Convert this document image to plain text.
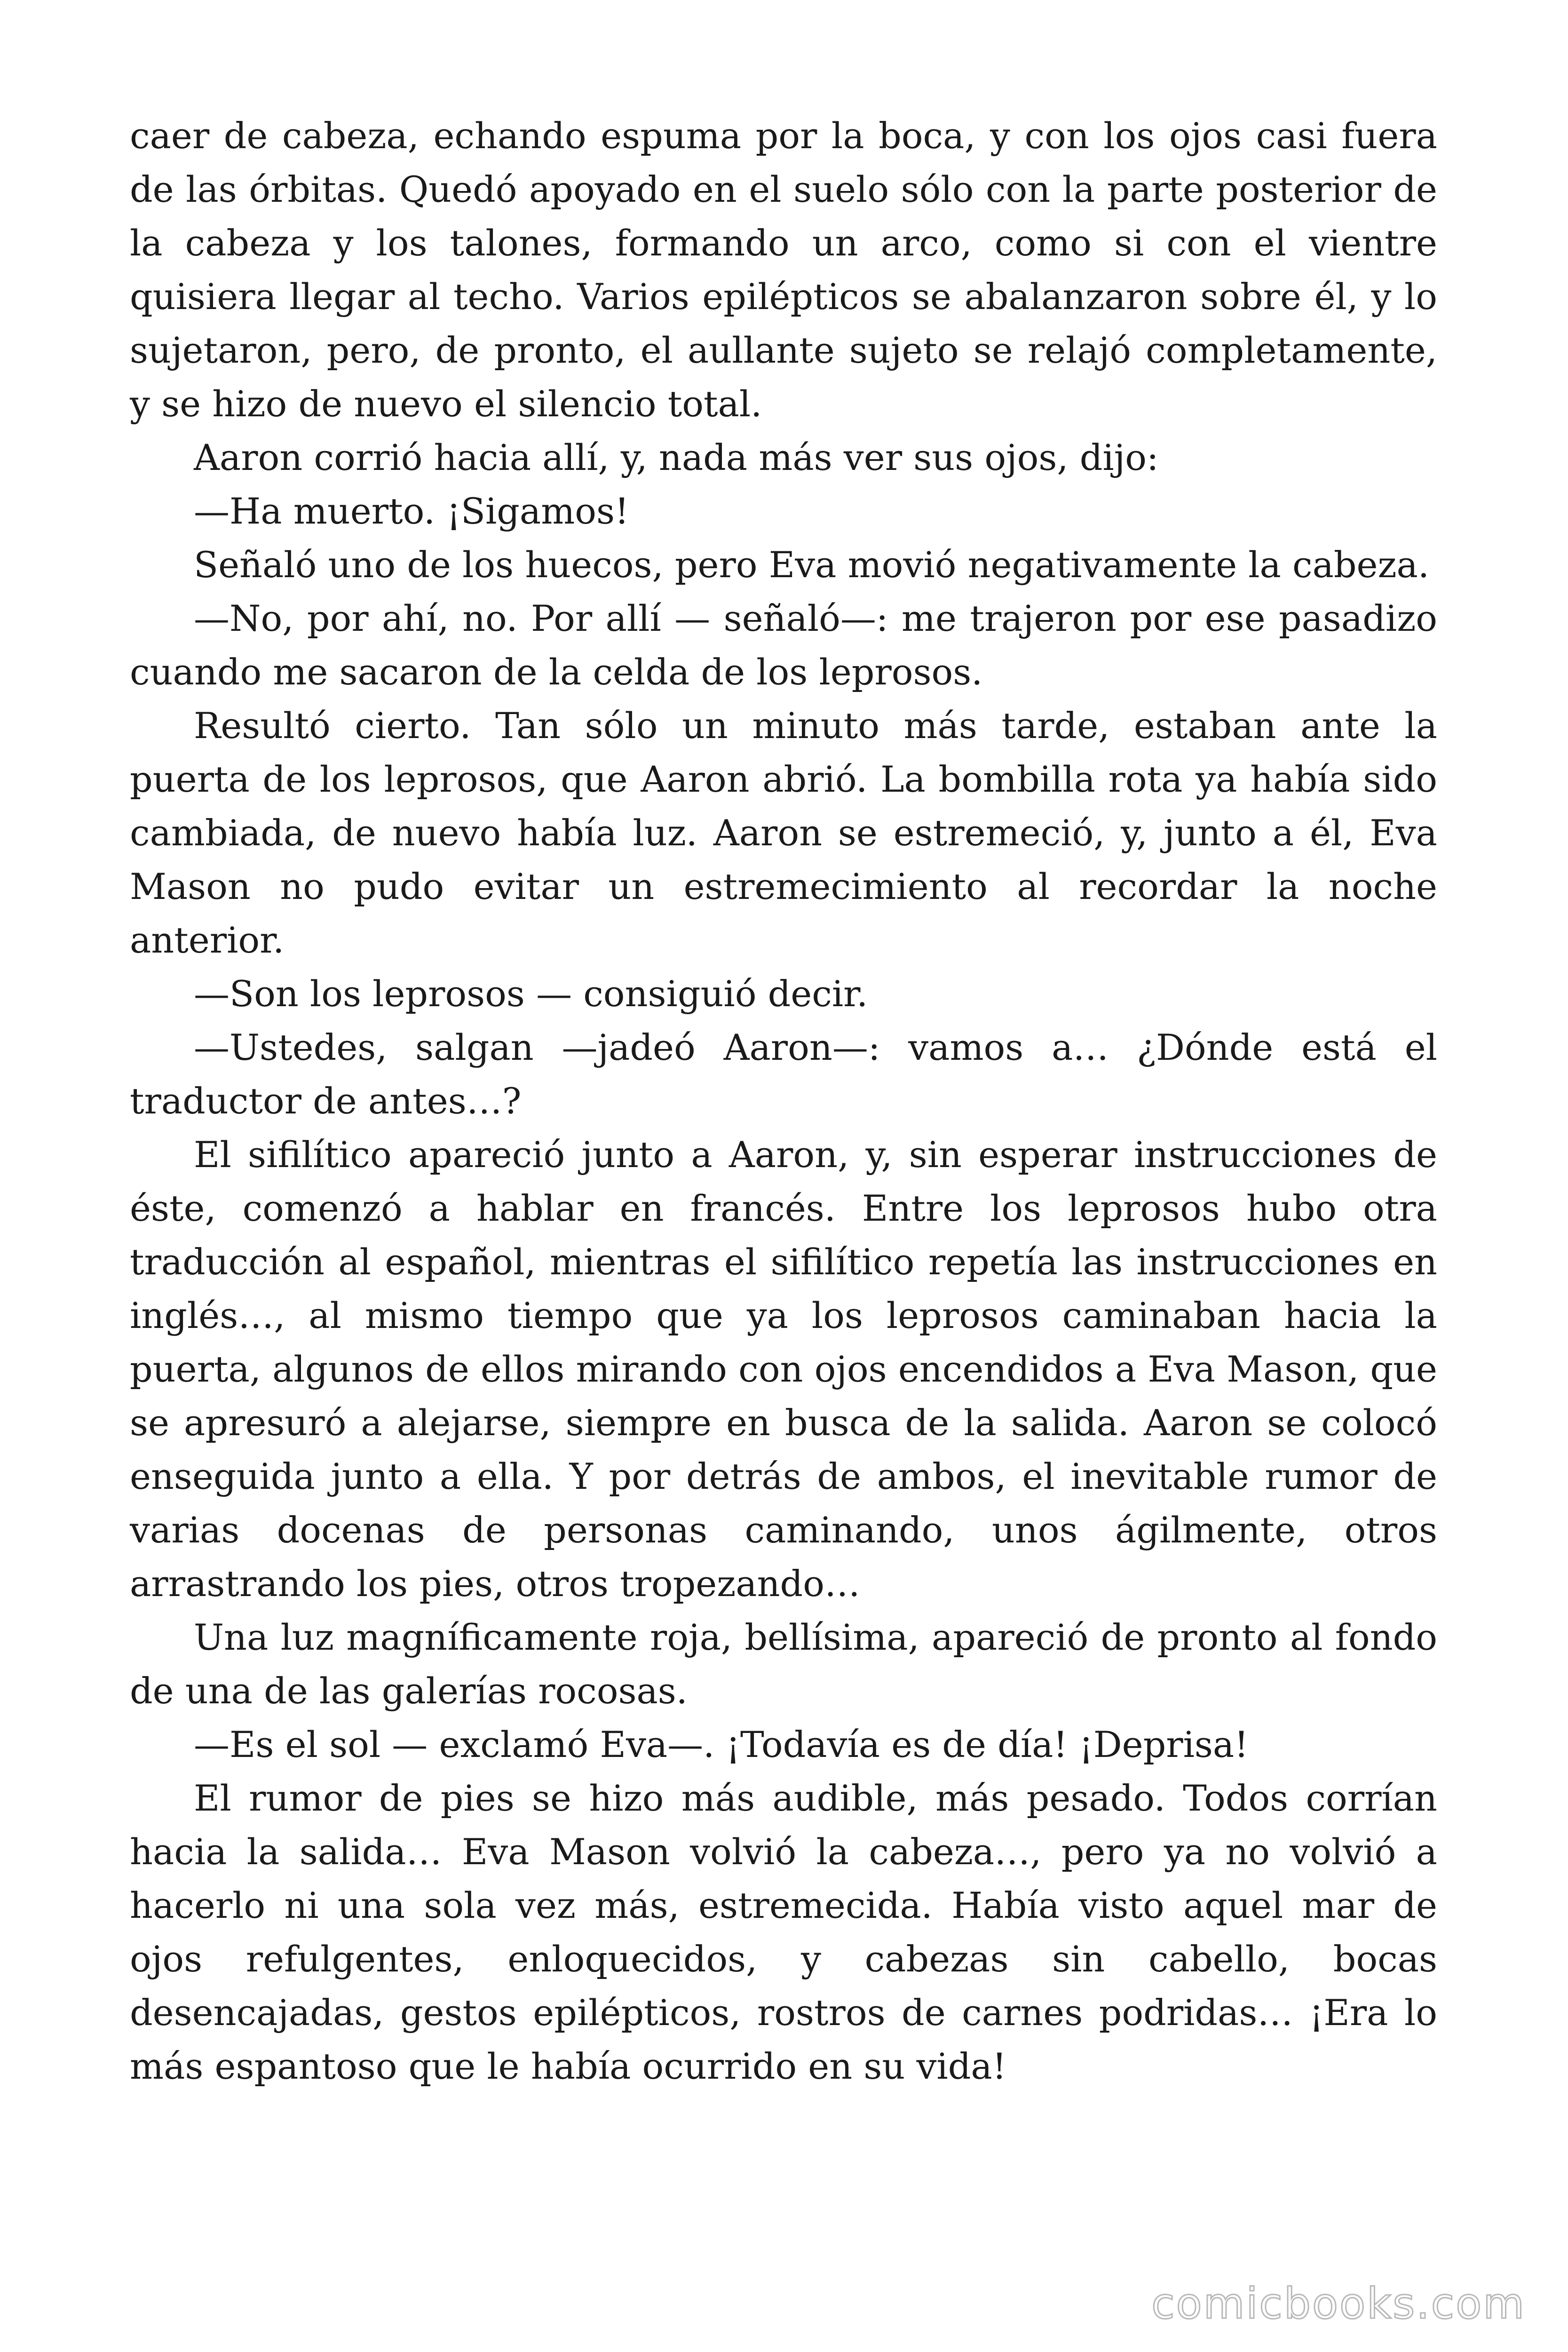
caer de cabeza, echando espuma por la boca, y con los ojos casi fuera de las órbitas. Quedó apoyado en el suelo sólo con la parte posterior de la cabeza y los talones, formando un arco, como si con el vientre quisiera llegar al techo. Varios epilépticos se abalanzaron sobre él, y lo sujetaron, pero, de pronto, el aullante sujeto se relajó completamente, y se hizo de nuevo el silencio total.

Aaron corrió hacia allí, y, nada más ver sus ojos, dijo:

—Ha muerto. ¡Sigamos!

Señaló uno de los huecos, pero Eva movió negativamente la cabeza.

—No, por ahí, no. Por allí — señaló—: me trajeron por ese pasadizo cuando me sacaron de la celda de los leprosos.

Resultó cierto. Tan sólo un minuto más tarde, estaban ante la puerta de los leprosos, que Aaron abrió. La bombilla rota ya había sido cambiada, de nuevo había luz. Aaron se estremeció, y, junto a él, Eva Mason no pudo evitar un estremecimiento al recordar la noche anterior.

—Son los leprosos — consiguió decir.

—Ustedes, salgan —jadeó Aaron—: vamos a… ¿Dónde está el traductor de antes…?

El sifilítico apareció junto a Aaron, y, sin esperar instrucciones de éste, comenzó a hablar en francés. Entre los leprosos hubo otra traducción al español, mientras el sifilítico repetía las instrucciones en inglés…, al mismo tiempo que ya los leprosos caminaban hacia la puerta, algunos de ellos mirando con ojos encendidos a Eva Mason, que se apresuró a alejarse, siempre en busca de la salida. Aaron se colocó enseguida junto a ella. Y por detrás de ambos, el inevitable rumor de varias docenas de personas caminando, unos ágilmente, otros arrastrando los pies, otros tropezando…

Una luz magníficamente roja, bellísima, apareció de pronto al fondo de una de las galerías rocosas.

—Es el sol — exclamó Eva—. ¡Todavía es de día! ¡Deprisa!

El rumor de pies se hizo más audible, más pesado. Todos corrían hacia la salida… Eva Mason volvió la cabeza…, pero ya no volvió a hacerlo ni una sola vez más, estremecida. Había visto aquel mar de ojos refulgentes, enloquecidos, y cabezas sin cabello, bocas desencajadas, gestos epilépticos, rostros de carnes podridas… ¡Era lo más espantoso que le había ocurrido en su vida!

comicbooks.com
